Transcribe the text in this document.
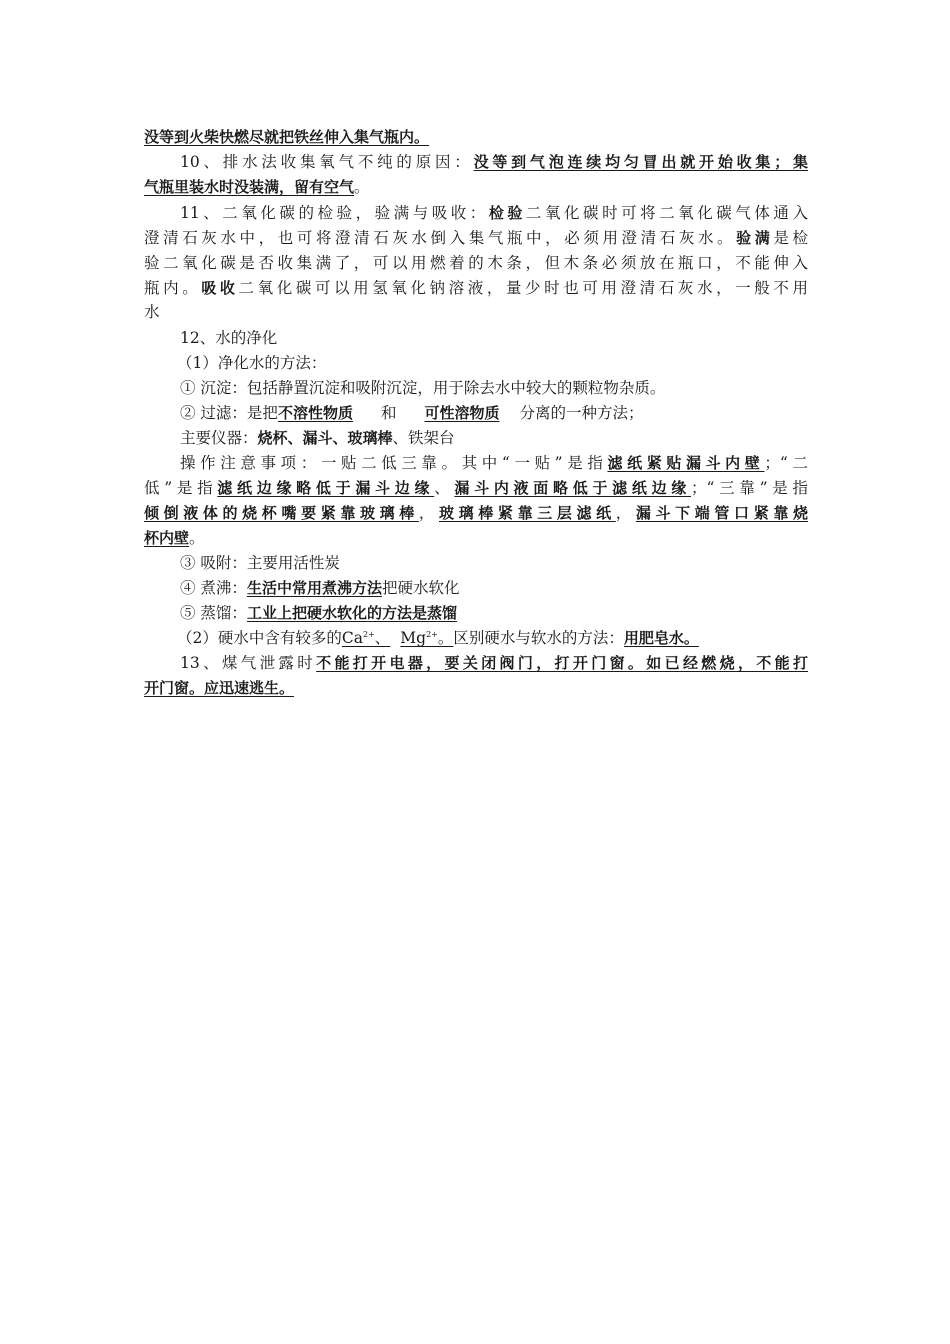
没等到火柴快燃尽就把铁丝伸入集气瓶内。
10、排水法收集氧气不纯的原因：没等到气泡连续均匀冒出就开始收集；集
气瓶里装水时没装满，留有空气。
11、二氧化碳的检验，验满与吸收：检验二氧化碳时可将二氧化碳气体通入
澄清石灰水中，也可将澄清石灰水倒入集气瓶中，必须用澄清石灰水。验满是检
验二氧化碳是否收集满了，可以用燃着的木条，但木条必须放在瓶口，不能伸入
瓶内。吸收二氧化碳可以用氢氧化钠溶液，量少时也可用澄清石灰水，一般不用
水
12、水的净化
（1）净化水的方法：
① 沉淀：包括静置沉淀和吸附沉淀，用于除去水中较大的颗粒物杂质。
② 过滤：是把不溶性物质 和 可性溶物质 分离的一种方法；
主要仪器：烧杯、漏斗、玻璃棒、铁架台
操作注意事项：一贴二低三靠。其中“一贴”是指滤纸紧贴漏斗内壁；“二
低”是指滤纸边缘略低于漏斗边缘、漏斗内液面略低于滤纸边缘；“三靠”是指
倾倒液体的烧杯嘴要紧靠玻璃棒，玻璃棒紧靠三层滤纸，漏斗下端管口紧靠烧
杯内壁。
③ 吸附：主要用活性炭
④ 煮沸：生活中常用煮沸方法把硬水软化
⑤ 蒸馏：工业上把硬水软化的方法是蒸馏
（2）硬水中含有较多的$Ca^{2+}$、 $Mg^{2+}$。区别硬水与软水的方法：用肥皂水。
13、煤气泄露时不能打开电器，要关闭阀门，打开门窗。如已经燃烧，不能打
开门窗。应迅速逃生。
